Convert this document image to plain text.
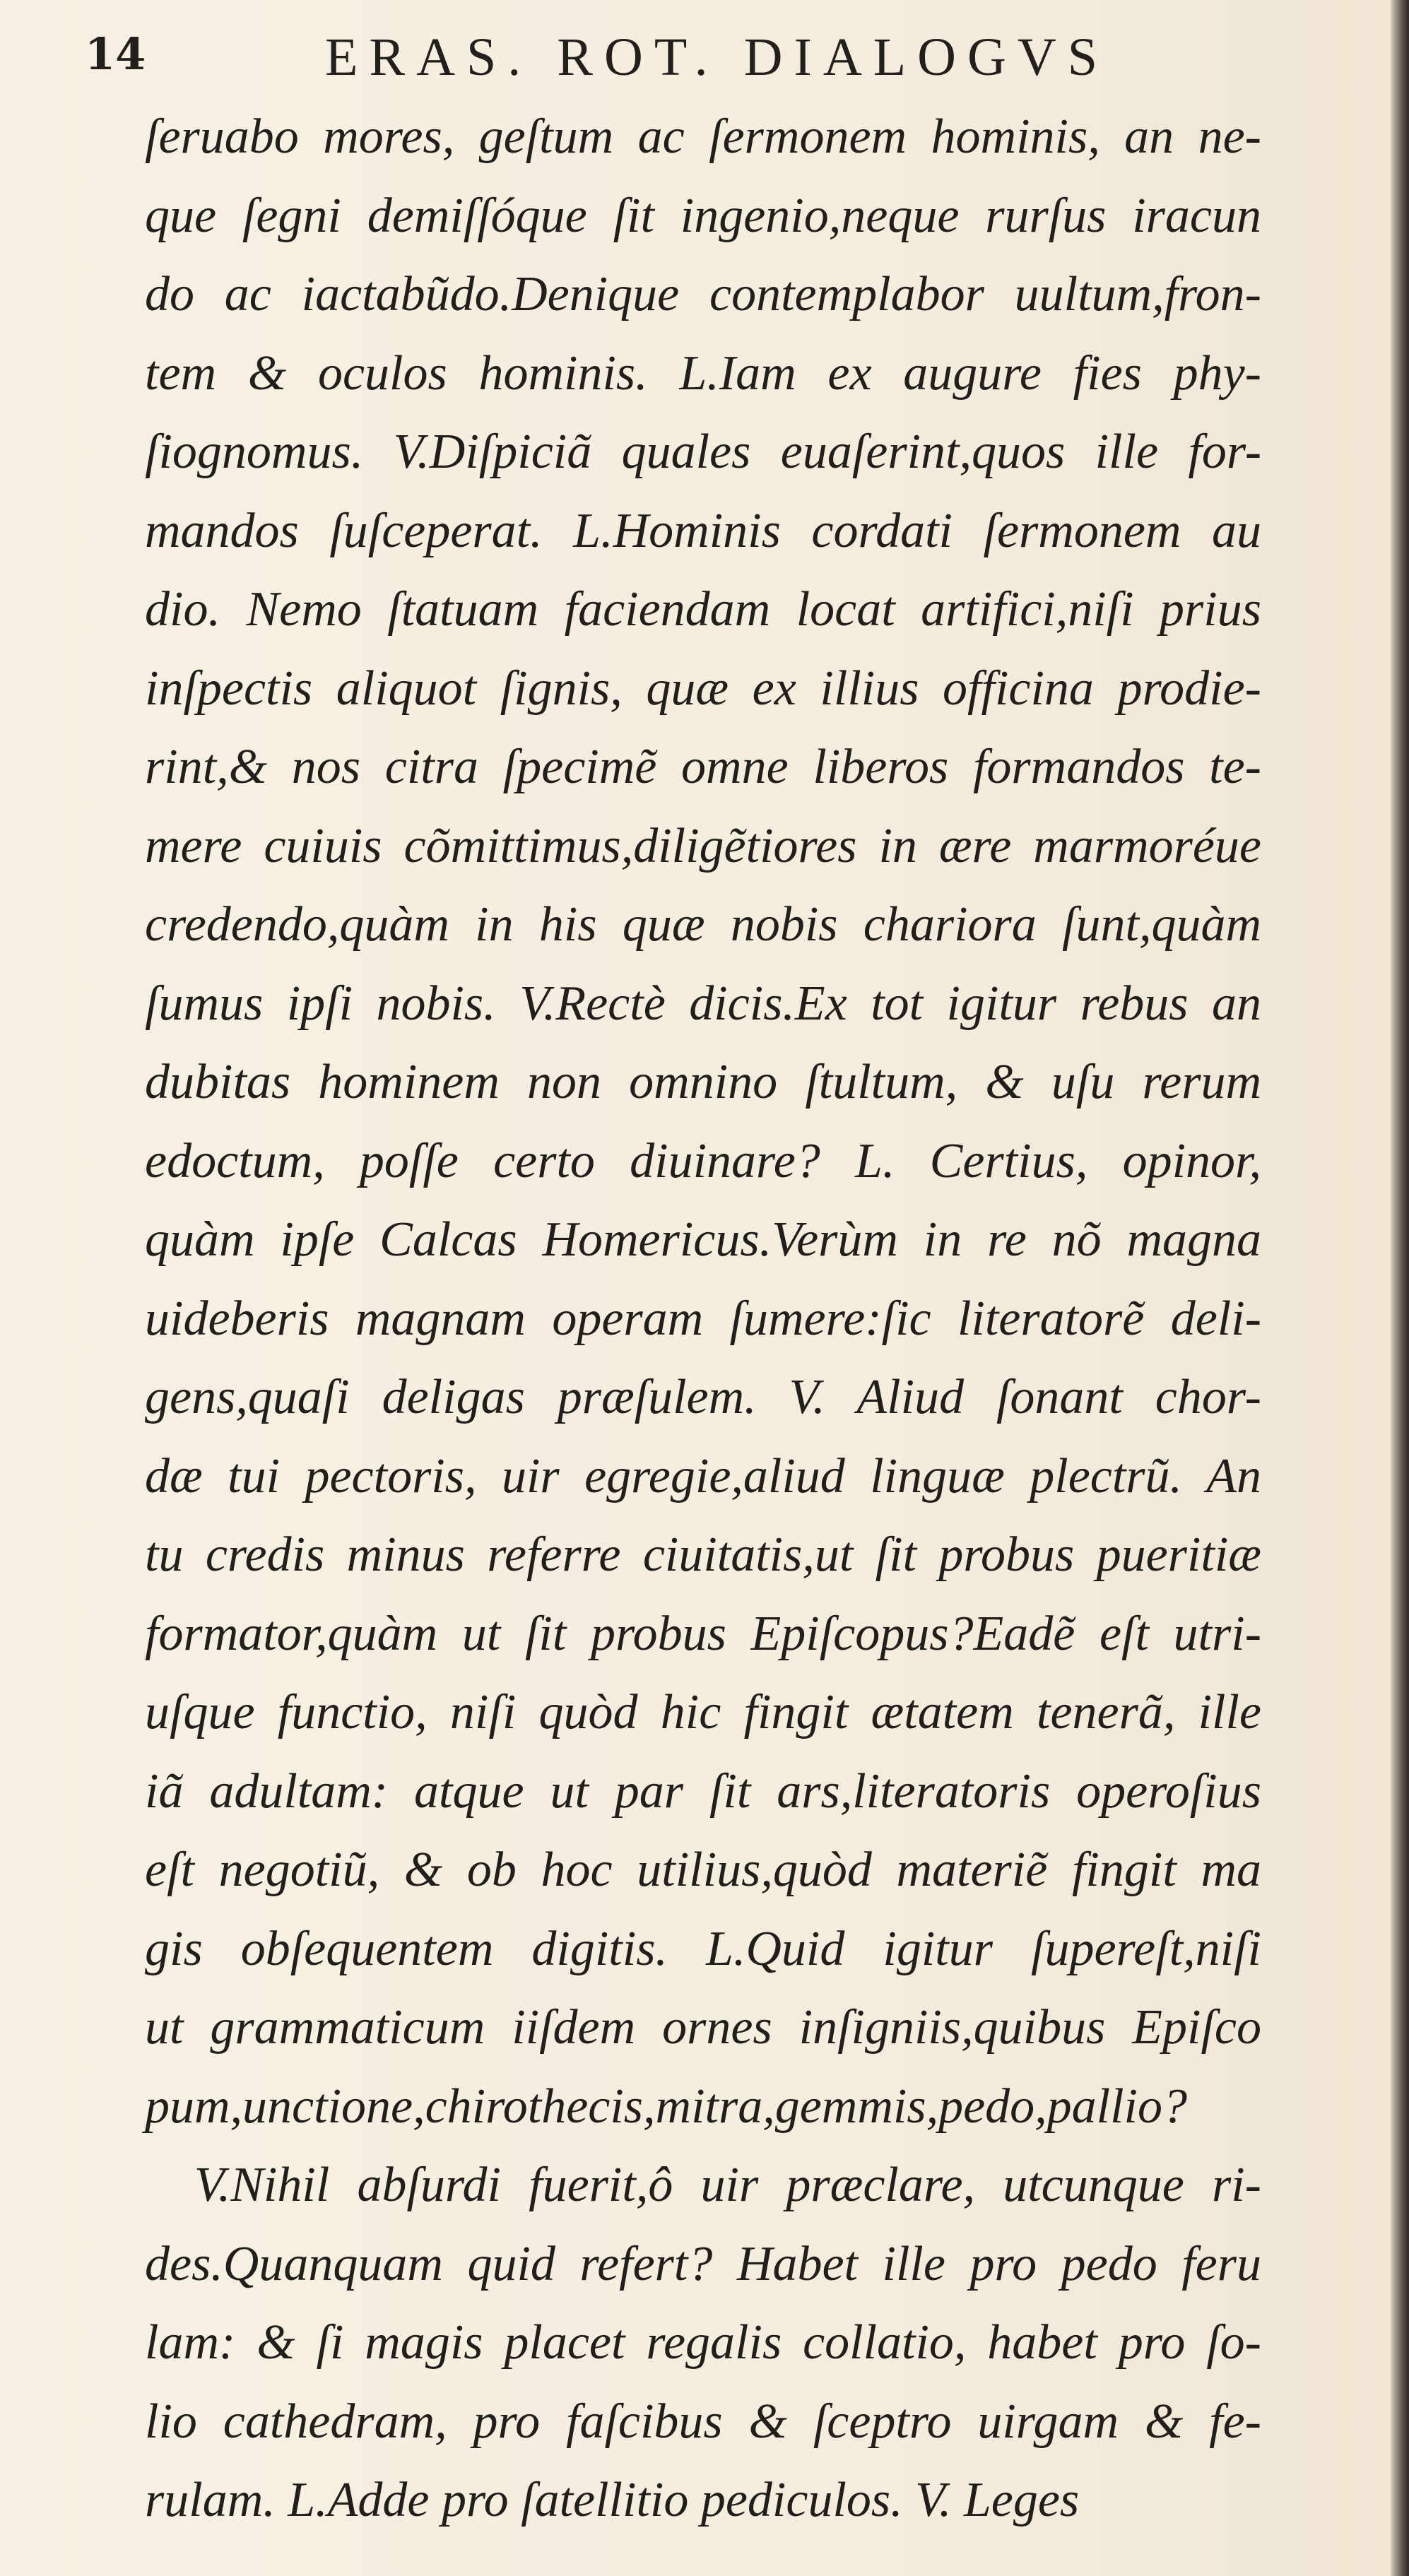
14	ERAS. ROT. DIALOGVS
ſeruabo mores, geſtum ac ſermonem hominis, an ne-
que ſegni demiſſóque ſit ingenio,neque rurſus iracun
do ac iactabũdo.Denique contemplabor uultum,fron-
tem & oculos hominis. L.Iam ex augure fies phy-
ſiognomus. V.Diſpiciã quales euaſerint,quos ille for-
mandos ſuſceperat. L.Hominis cordati ſermonem au
dio. Nemo ſtatuam faciendam locat artifici,niſi prius
inſpectis aliquot ſignis, quæ ex illius officina prodie-
rint,& nos citra ſpecimẽ omne liberos formandos te-
mere cuiuis cõmittimus,diligẽtiores in ære marmoréue
credendo,quàm in his quæ nobis chariora ſunt,quàm
ſumus ipſi nobis. V.Rectè dicis.Ex tot igitur rebus an
dubitas hominem non omnino ſtultum, & uſu rerum
edoctum, poſſe certo diuinare? L. Certius, opinor,
quàm ipſe Calcas Homericus.Verùm in re nõ magna
uideberis magnam operam ſumere:ſic literatorẽ deli-
gens,quaſi deligas præſulem. V. Aliud ſonant chor-
dæ tui pectoris, uir egregie,aliud linguæ plectrũ. An
tu credis minus referre ciuitatis,ut ſit probus pueritiæ
formator,quàm ut ſit probus Epiſcopus?Eadẽ eſt utri-
uſque functio, niſi quòd hic fingit ætatem tenerã, ille
iã adultam: atque ut par ſit ars,literatoris operoſius
eſt negotiũ, & ob hoc utilius,quòd materiẽ fingit ma
gis obſequentem digitis. L.Quid igitur ſupereſt,niſi
ut grammaticum iiſdem ornes inſigniis,quibus Epiſco
pum,unctione,chirothecis,mitra,gemmis,pedo,pallio?
V.Nihil abſurdi fuerit,ô uir præclare, utcunque ri-
des.Quanquam quid refert? Habet ille pro pedo feru
lam: & ſi magis placet regalis collatio, habet pro ſo-
lio cathedram, pro faſcibus & ſceptro uirgam & fe-
rulam. L.Adde pro ſatellitio pediculos. V. Leges
